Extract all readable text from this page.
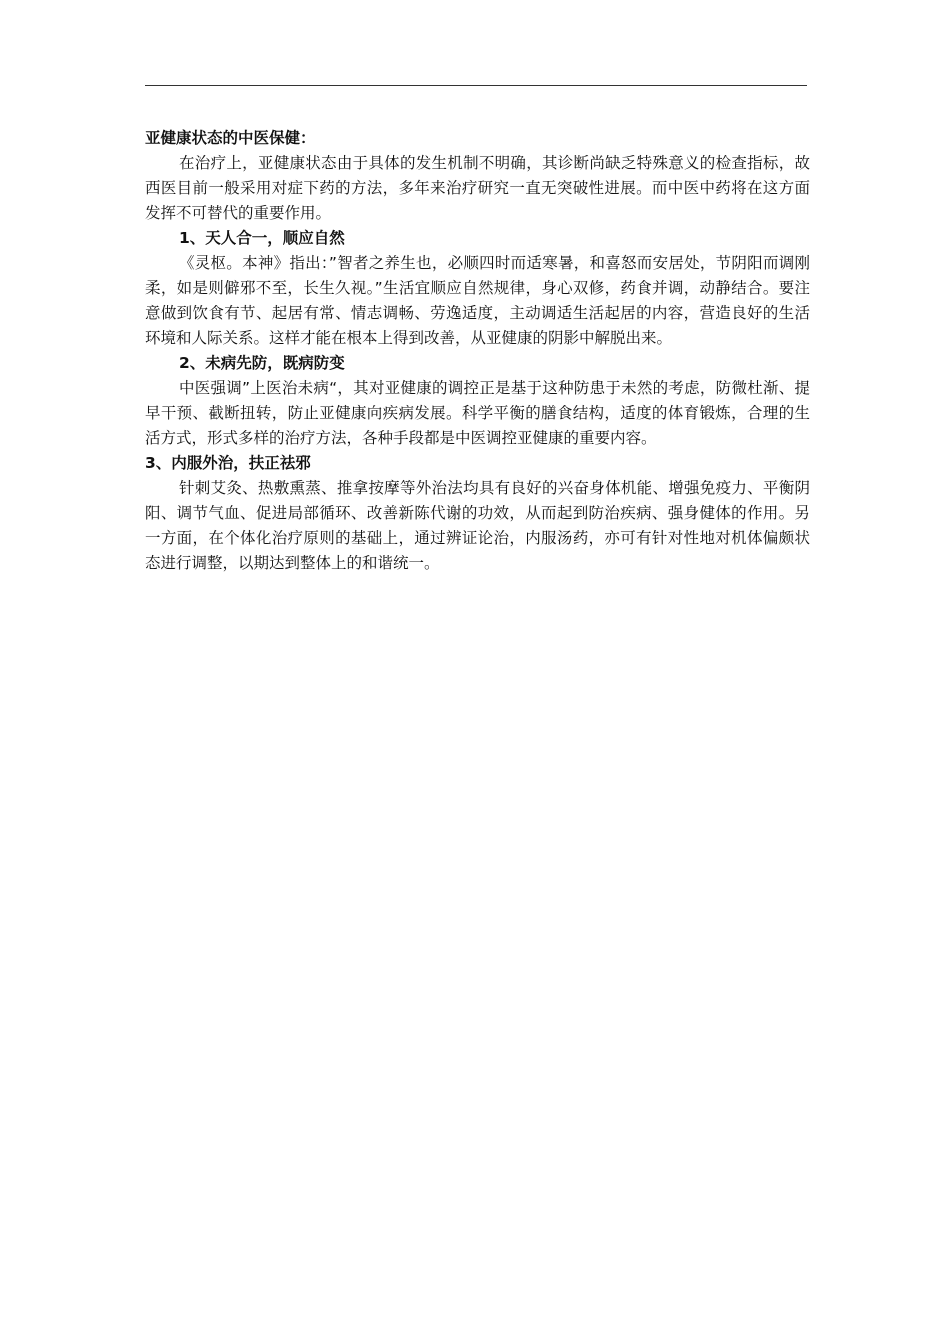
亚健康状态的中医保健：

在治疗上，亚健康状态由于具体的发生机制不明确，其诊断尚缺乏特殊意义的检查指标，故西医目前一般采用对症下药的方法，多年来治疗研究一直无突破性进展。而中医中药将在这方面发挥不可替代的重要作用。

1、天人合一，顺应自然

《灵枢。本神》指出：”智者之养生也，必顺四时而适寒暑，和喜怒而安居处，节阴阳而调刚柔，如是则僻邪不至，长生久视。”生活宜顺应自然规律，身心双修，药食并调，动静结合。要注意做到饮食有节、起居有常、情志调畅、劳逸适度，主动调适生活起居的内容，营造良好的生活环境和人际关系。这样才能在根本上得到改善，从亚健康的阴影中解脱出来。

2、未病先防，既病防变

中医强调”上医治未病“，其对亚健康的调控正是基于这种防患于未然的考虑，防微杜渐、提早干预、截断扭转，防止亚健康向疾病发展。科学平衡的膳食结构，适度的体育锻炼，合理的生活方式，形式多样的治疗方法，各种手段都是中医调控亚健康的重要内容。

3、内服外治，扶正祛邪

针刺艾灸、热敷熏蒸、推拿按摩等外治法均具有良好的兴奋身体机能、增强免疫力、平衡阴阳、调节气血、促进局部循环、改善新陈代谢的功效，从而起到防治疾病、强身健体的作用。另一方面，在个体化治疗原则的基础上，通过辨证论治，内服汤药，亦可有针对性地对机体偏颇状态进行调整，以期达到整体上的和谐统一。
